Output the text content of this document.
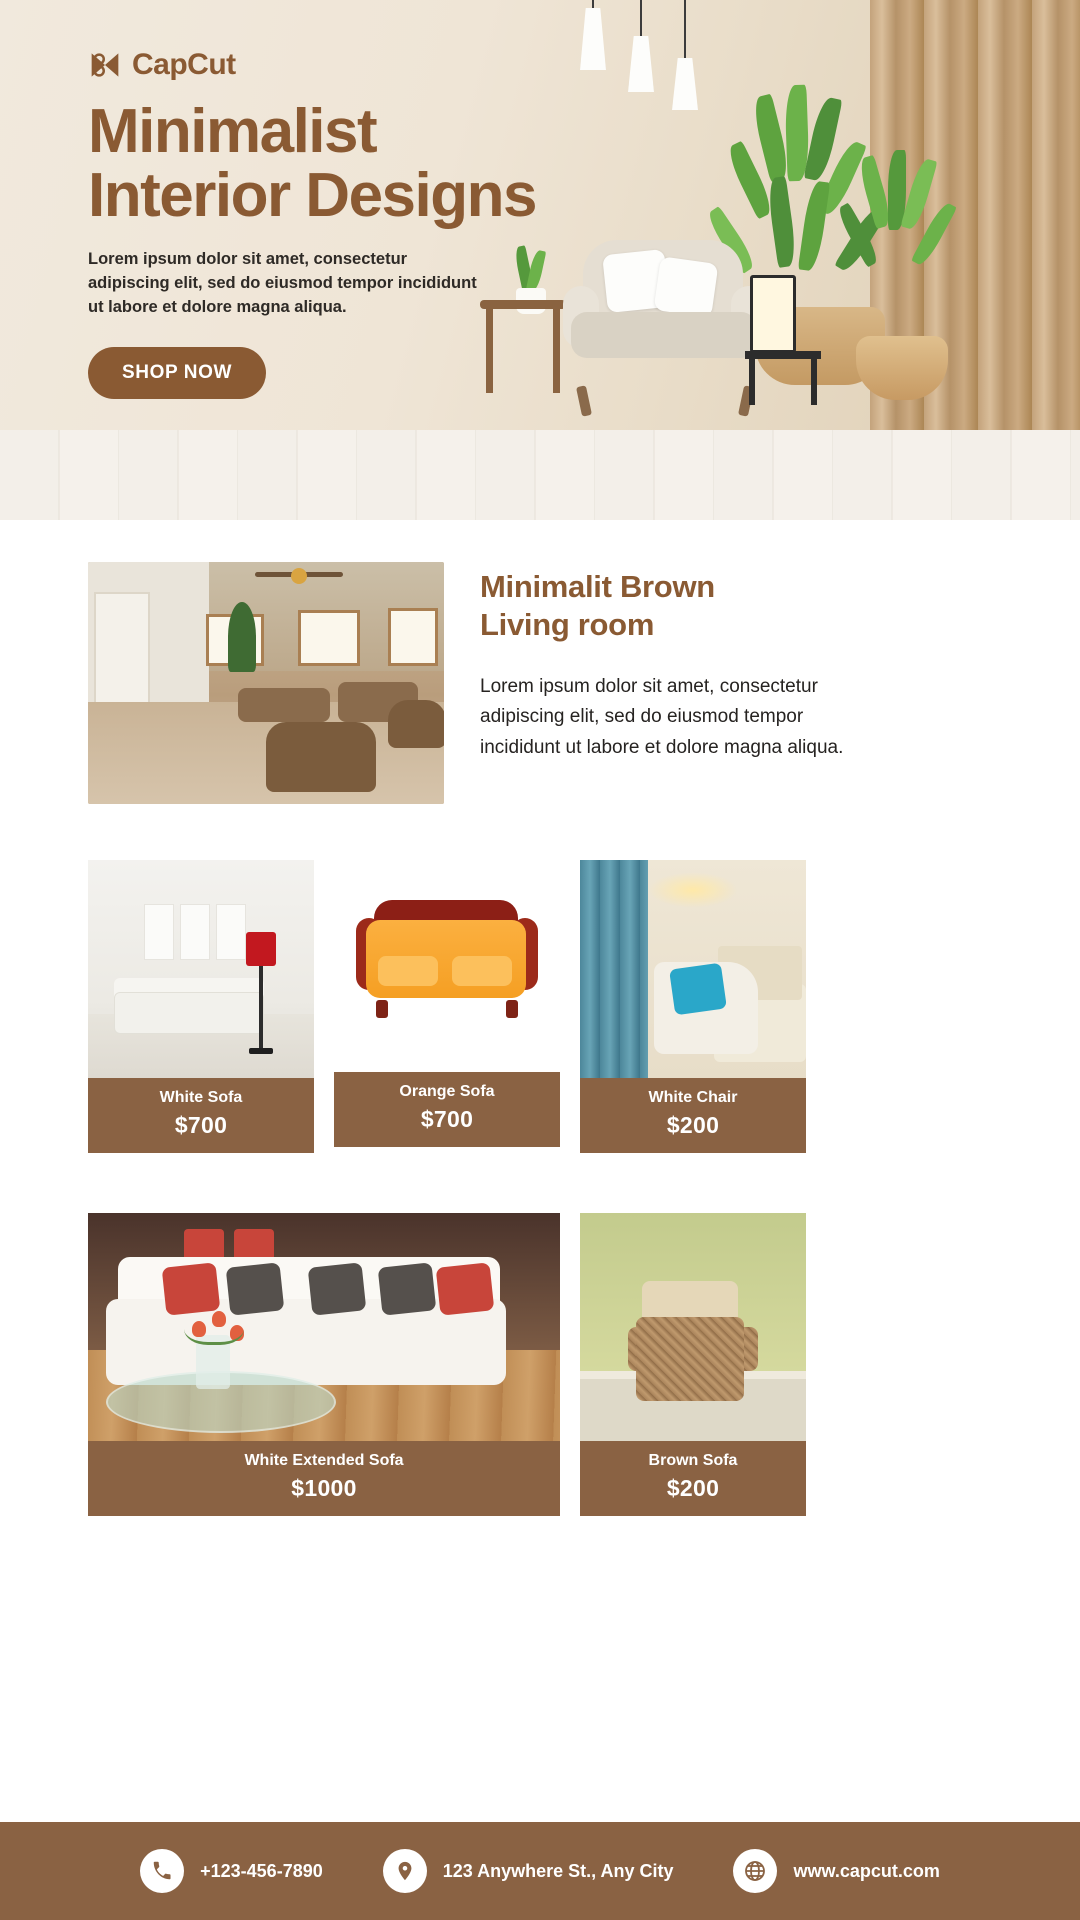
CapCut
Minimalist
Interior Designs

Lorem ipsum dolor sit amet, consectetur adipiscing elit, sed do eiusmod tempor incididunt ut labore et dolore magna aliqua.

SHOP NOW
Minimalit Brown
Living room

Lorem ipsum dolor sit amet, consectetur adipiscing elit, sed do eiusmod tempor incididunt ut labore et dolore magna aliqua.

White Sofa
$700
Orange Sofa
$700
White Chair
$200
White Extended Sofa
$1000
Brown Sofa
$200
+123-456-7890	123 Anywhere St., Any City	www.capcut.com
